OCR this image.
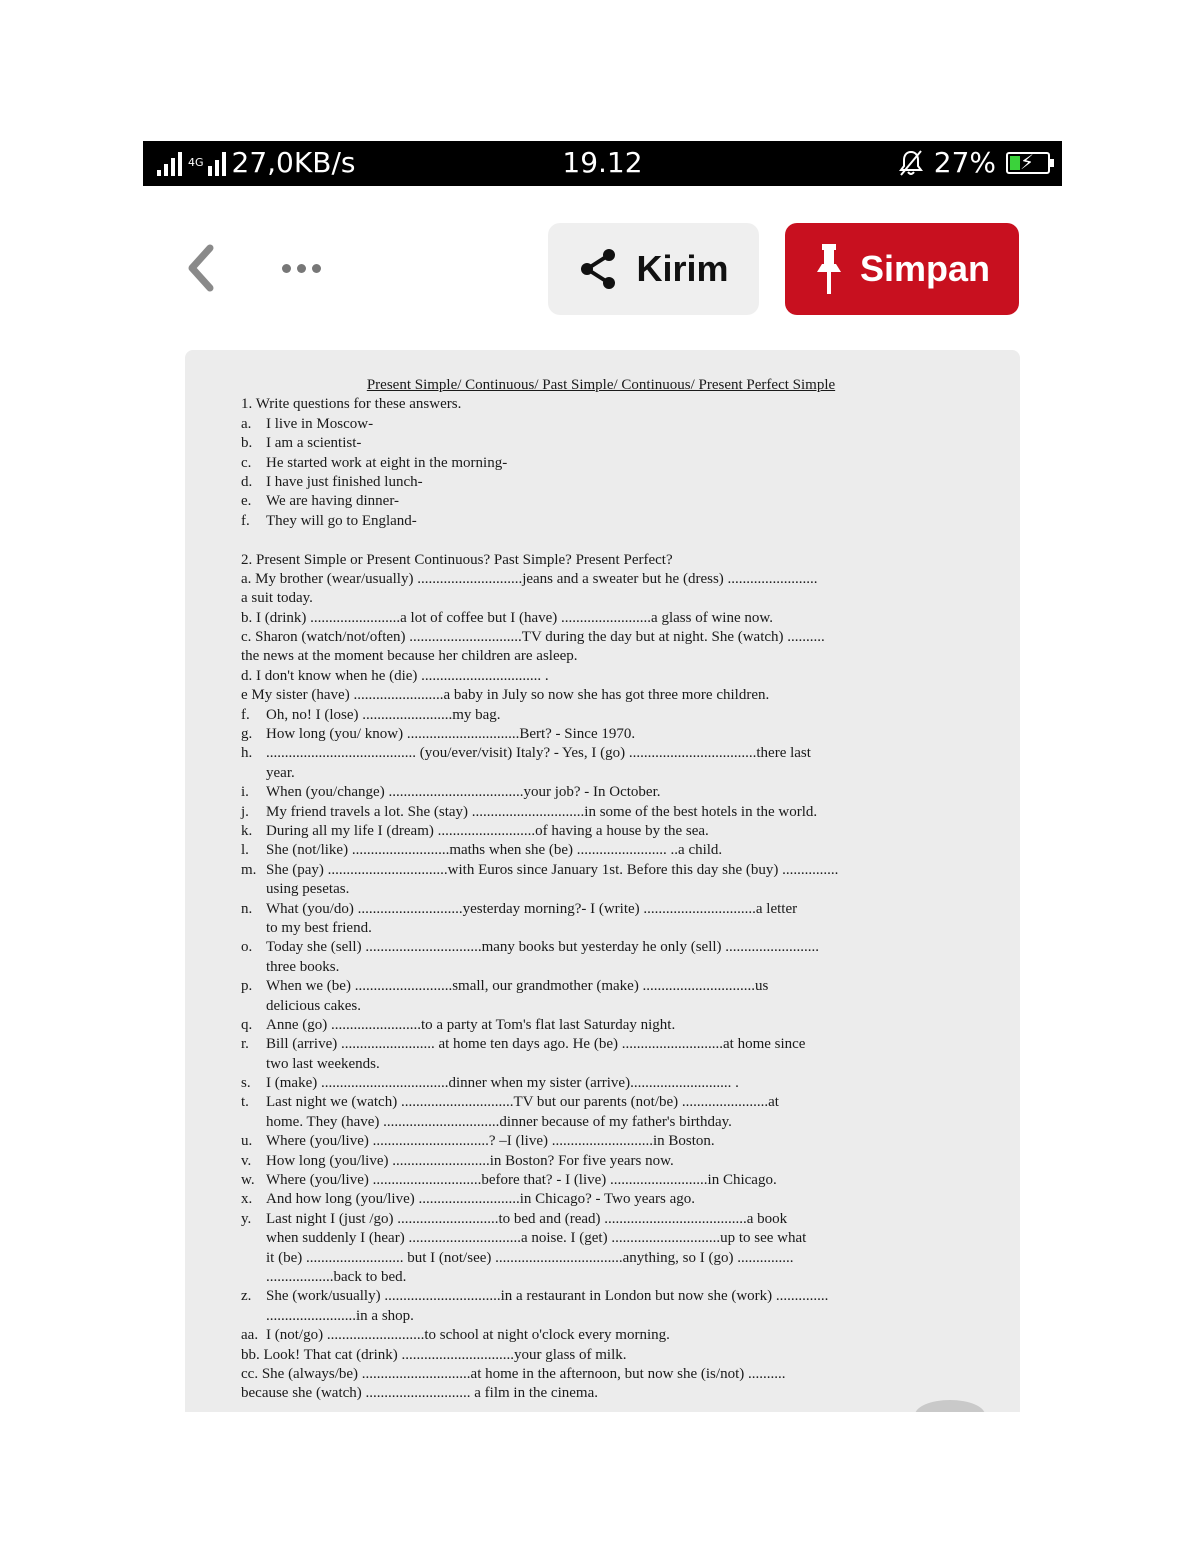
4G 27,0KB/s	19.12	27% ⚡
Kirim	Simpan
Present Simple/ Continuous/ Past Simple/ Continuous/ Present Perfect Simple
1. Write questions for these answers.
a. I live in Moscow-
b. I am a scientist-
c. He started work at eight in the morning-
d. I have just finished lunch-
e. We are having dinner-
f. They will go to England-
2. Present Simple or Present Continuous? Past Simple? Present Perfect?
a. My brother (wear/usually) ............................jeans and a sweater but he (dress) ........................
a suit today.
b. I (drink) ........................a lot of coffee but I (have) ........................a glass of wine now.
c. Sharon (watch/not/often) ..............................TV during the day but at night. She (watch) ..........
the news at the moment because her children are asleep.
d. I don't know when he (die) ................................ .
e My sister (have) ........................a baby in July so now she has got three more children.
f. Oh, no! I (lose) ........................my bag.
g. How long (you/ know) ..............................Bert? - Since 1970.
h. ........................................ (you/ever/visit) Italy? - Yes, I (go) ..................................there last
year.
i. When (you/change) ....................................your job? - In October.
j. My friend travels a lot. She (stay) ..............................in some of the best hotels in the world.
k. During all my life I (dream) ..........................of having a house by the sea.
l. She (not/like) ..........................maths when she (be) ........................ ..a child.
m. She (pay) ................................with Euros since January 1st. Before this day she (buy) ...............
using pesetas.
n. What (you/do) ............................yesterday morning?- I (write) ..............................a letter
to my best friend.
o. Today she (sell) ...............................many books but yesterday he only (sell) .........................
three books.
p. When we (be) ..........................small, our grandmother (make) ..............................us
delicious cakes.
q. Anne (go) ........................to a party at Tom's flat last Saturday night.
r. Bill (arrive) ......................... at home ten days ago. He (be) ...........................at home since
two last weekends.
s. I (make) ..................................dinner when my sister (arrive)........................... .
t. Last night we (watch) ..............................TV but our parents (not/be) .......................at
home. They (have) ...............................dinner because of my father's birthday.
u. Where (you/live) ...............................? –I (live) ...........................in Boston.
v. How long (you/live) ..........................in Boston? For five years now.
w. Where (you/live) .............................before that? - I (live) ..........................in Chicago.
x. And how long (you/live) ...........................in Chicago? - Two years ago.
y. Last night I (just /go) ...........................to bed and (read) ......................................a book
when suddenly I (hear) ..............................a noise. I (get) .............................up to see what
it (be) .......................... but I (not/see) ..................................anything, so I (go) ...............
..................back to bed.
z. She (work/usually) ...............................in a restaurant in London but now she (work) ..............
........................in a shop.
aa. I (not/go) ..........................to school at night o'clock every morning.
bb. Look! That cat (drink) ..............................your glass of milk.
cc. She (always/be) .............................at home in the afternoon, but now she (is/not) ..........
because she (watch) ............................ a film in the cinema.
